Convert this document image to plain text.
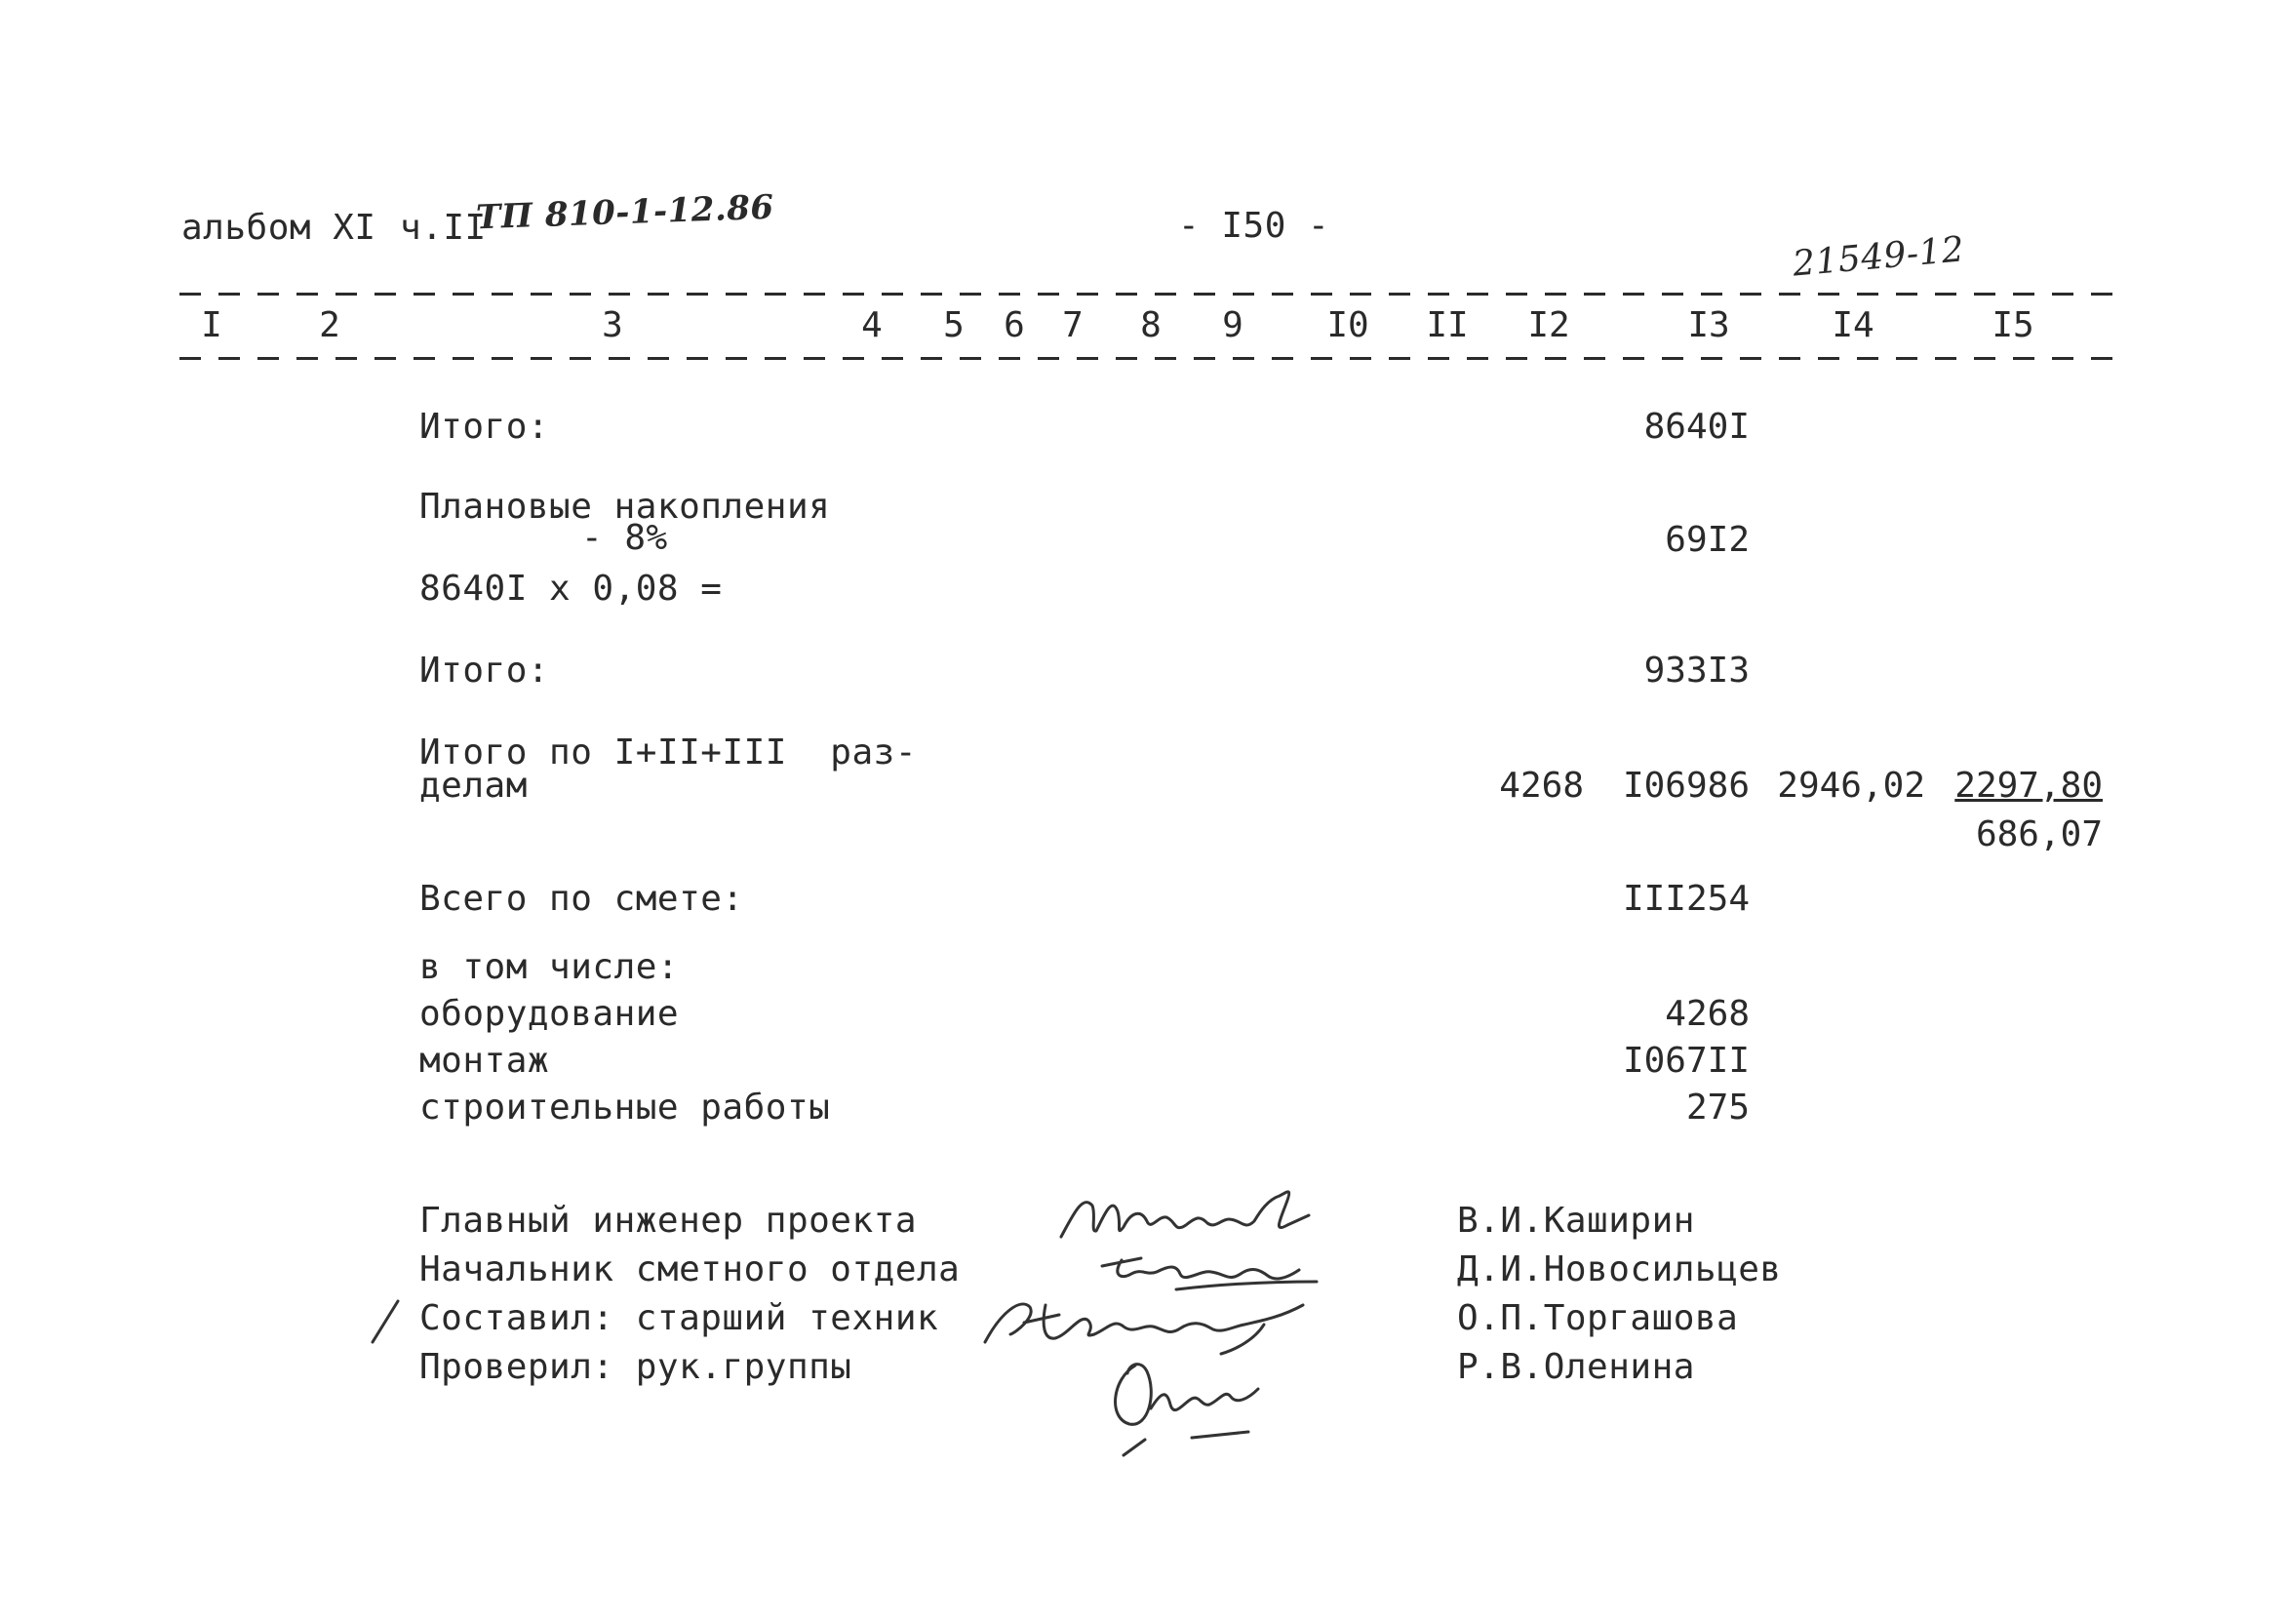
альбом XI ч.II
ТП 810-1-12.86	- I50 -
21549-12
I	2	3	4 5 6 7 8 9 I0 II I2	I3	I4	I5
Итого:	8640I
Плановые накопления
- 8%	69I2
8640I x 0,08 =
Итого:	933I3
Итого по I+II+III  раз-
делам	4268 I06986 2946,02 2297,80
686,07
Всего по смете:	III254
в том числе:
оборудование	4268
монтаж	I067II
строительные работы	275
Главный инженер проекта	В.И.Каширин
Начальник сметного отдела	Д.И.Новосильцев
Составил: старший техник	О.П.Торгашова
Проверил: рук.группы	Р.В.Оленина
